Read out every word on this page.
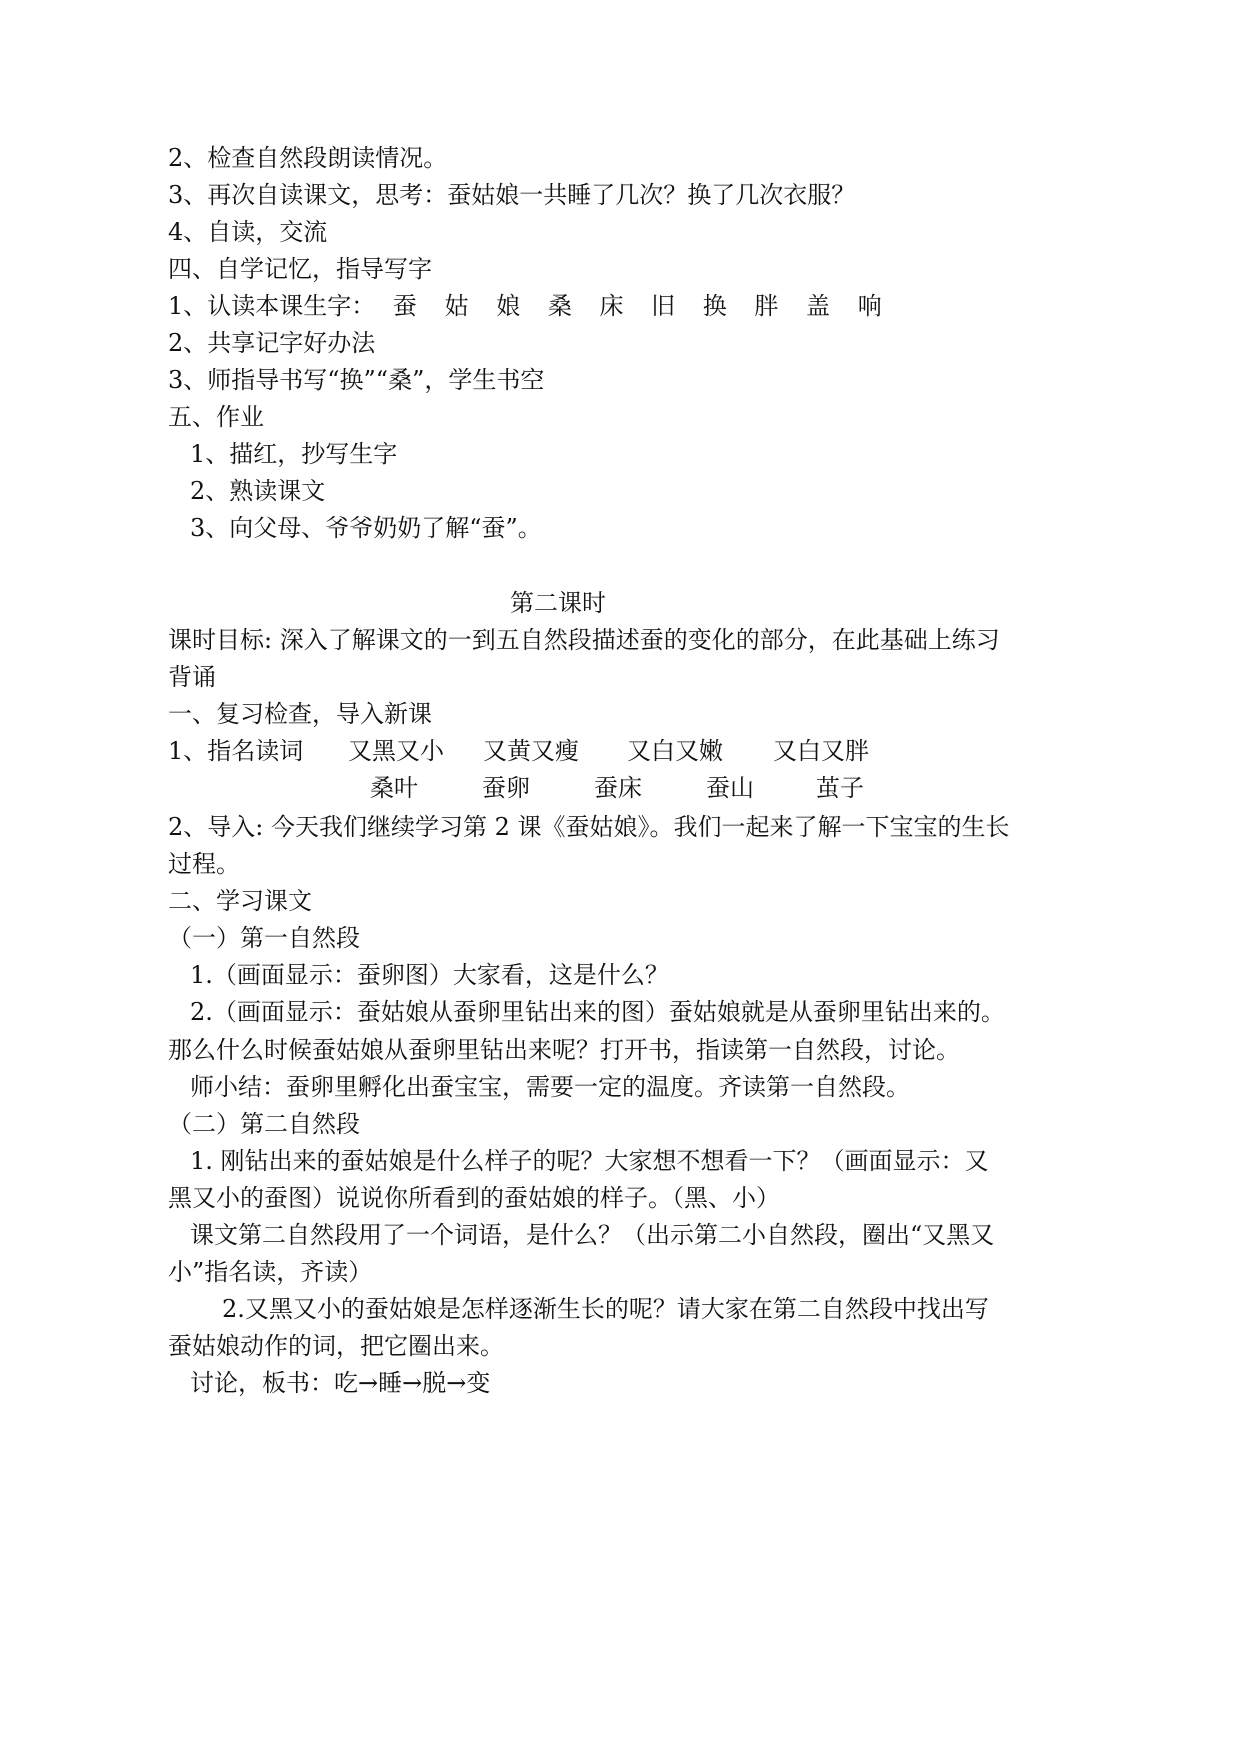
2、检查自然段朗读情况。
3、再次自读课文，思考：蚕姑娘一共睡了几次？换了几次衣服？
4、自读，交流
四、自学记忆，指导写字
1、认读本课生字： 蚕 姑 娘 桑 床 旧 换 胖 盖 响
2、共享记字好办法
3、师指导书写“换”“桑”，学生书空
五、作业
1、描红，抄写生字
2、熟读课文
3、向父母、爷爷奶奶了解“蚕”。
第二课时
课时目标: 深入了解课文的一到五自然段描述蚕的变化的部分，在此基础上练习
背诵
一、复习检查，导入新课
1、指名读词 又黑又小 又黄又瘦 又白又嫩 又白又胖
桑叶	蚕卵	蚕床	蚕山	茧子
2、导入: 今天我们继续学习第 2 课《蚕姑娘》。我们一起来了解一下宝宝的生长
过程。
二、学习课文
（一）第一自然段
1.（画面显示：蚕卵图）大家看，这是什么？
2.（画面显示：蚕姑娘从蚕卵里钻出来的图）蚕姑娘就是从蚕卵里钻出来的。
那么什么时候蚕姑娘从蚕卵里钻出来呢？打开书，指读第一自然段，讨论。
师小结：蚕卵里孵化出蚕宝宝，需要一定的温度。齐读第一自然段。
（二）第二自然段
1. 刚钻出来的蚕姑娘是什么样子的呢？大家想不想看一下？（画面显示：又
黑又小的蚕图）说说你所看到的蚕姑娘的样子。（黑、小）
课文第二自然段用了一个词语，是什么？（出示第二小自然段，圈出“又黑又
小”指名读，齐读）
2.又黑又小的蚕姑娘是怎样逐渐生长的呢？请大家在第二自然段中找出写
蚕姑娘动作的词，把它圈出来。
讨论，板书：吃→睡→脱→变
